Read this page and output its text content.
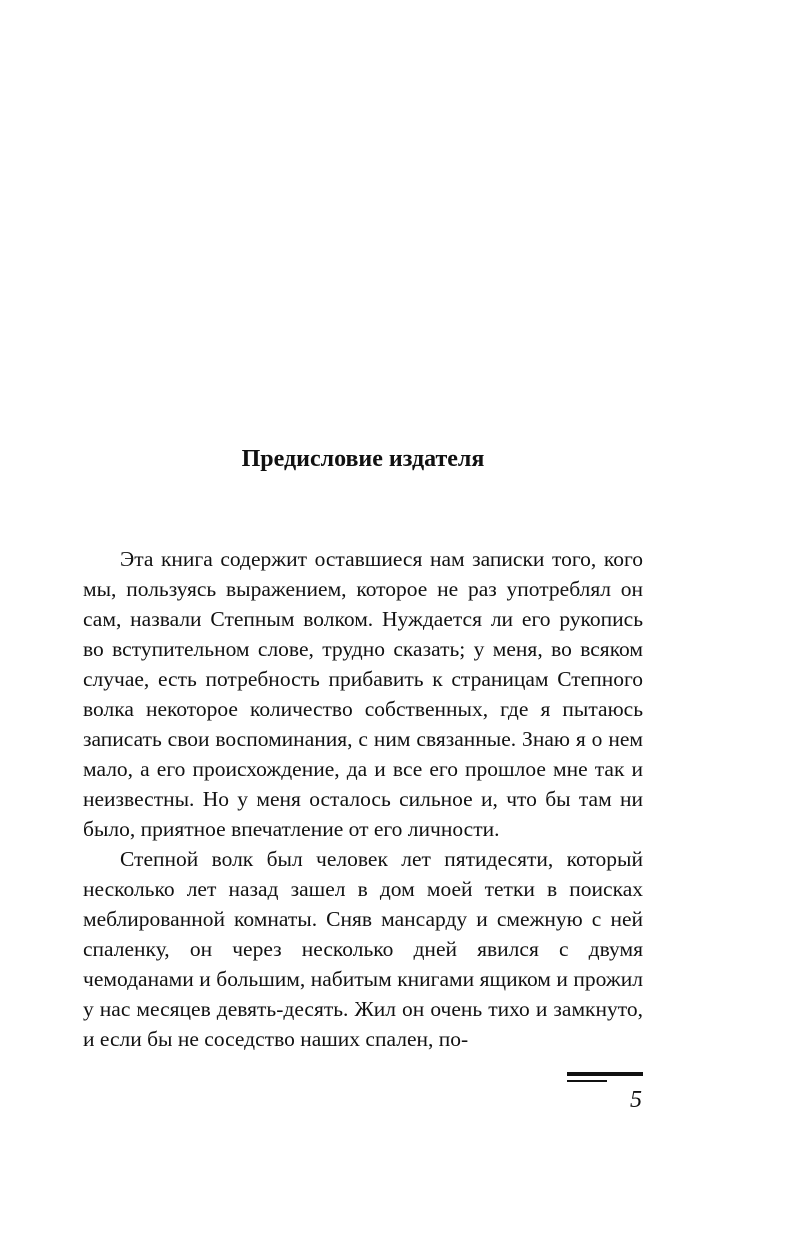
Предисловие издателя

Эта книга содержит оставшиеся нам записки того, кого мы, пользуясь выражением, которое не раз употреблял он сам, назвали Степным волком. Нуждается ли его рукопись во вступительном слове, трудно сказать; у меня, во всяком случае, есть потребность прибавить к страницам Степного волка некоторое количество собственных, где я пытаюсь записать свои воспоминания, с ним связанные. Знаю я о нем мало, а его происхождение, да и все его прошлое мне так и неизвестны. Но у меня осталось сильное и, что бы там ни было, приятное впечатление от его личности.

Степной волк был человек лет пятидесяти, который несколько лет назад зашел в дом моей тетки в поисках меблированной комнаты. Сняв мансарду и смежную с ней спаленку, он через несколько дней явился с двумя чемоданами и большим, набитым книгами ящиком и прожил у нас месяцев девять-десять. Жил он очень тихо и замкнуто, и если бы не соседство наших спален, по-

5
